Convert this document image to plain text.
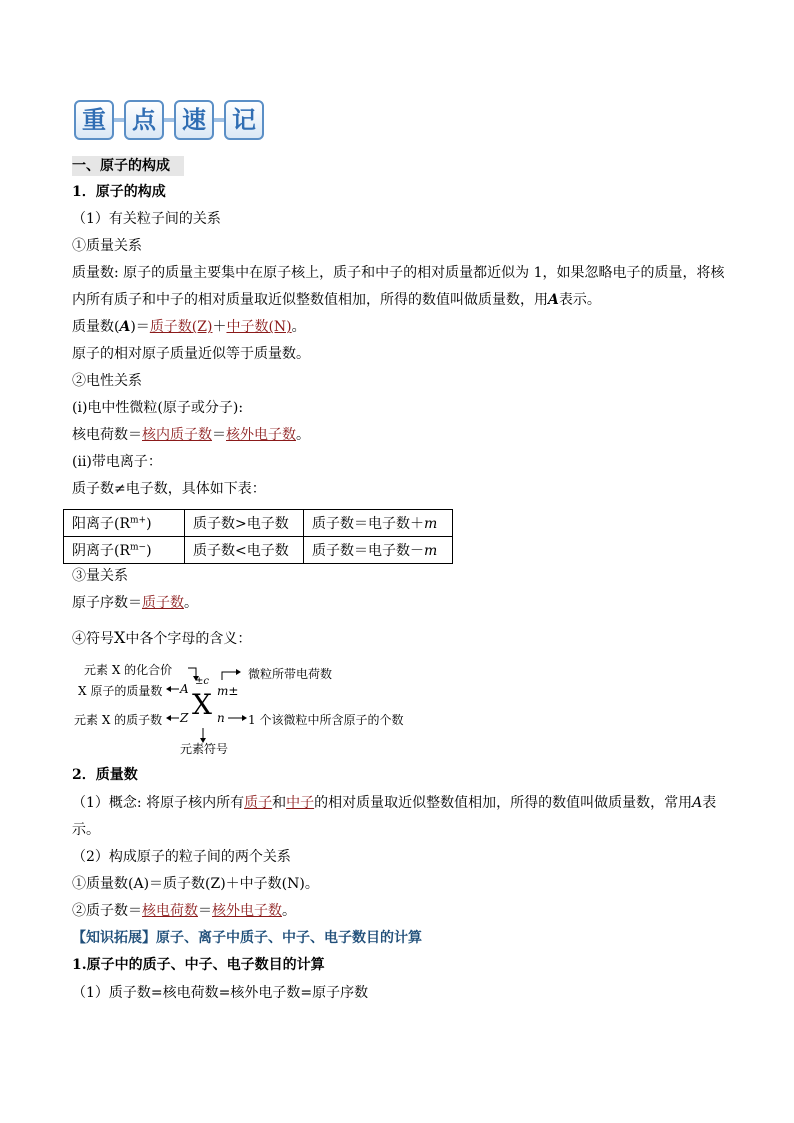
重	点	速	记
一、原子的构成
1．原子的构成
（1）有关粒子间的关系
①质量关系
质量数: 原子的质量主要集中在原子核上，质子和中子的相对质量都近似为 1，如果忽略电子的质量，将核
内所有质子和中子的相对质量取近似整数值相加，所得的数值叫做质量数，用A表示。
质量数(A)＝质子数(Z)＋中子数(N)。
原子的相对原子质量近似等于质量数。
②电性关系
(ⅰ)电中性微粒(原子或分子):
核电荷数＝核内质子数＝核外电子数。
(ⅱ)带电离子：
质子数≠电子数，具体如下表：
阳离子$(R^{m+})$	质子数>电子数	质子数＝电子数＋m
阴离子$(R^{m-})$	质子数<电子数	质子数＝电子数－m
③量关系
原子序数＝质子数。
④符号X中各个字母的含义：
元素 X 的化合价
X 原子的质量数
元素 X 的质子数
元素符号
微粒所带电荷数
1 个该微粒中所含原子的个数
A
Z
±c
X m±
n
2．质量数
（1）概念: 将原子核内所有质子和中子的相对质量取近似整数值相加，所得的数值叫做质量数，常用A表
示。
（2）构成原子的粒子间的两个关系
①质量数(A)＝质子数(Z)＋中子数(N)。
②质子数＝核电荷数＝核外电子数。
【知识拓展】原子、离子中质子、中子、电子数目的计算
1.原子中的质子、中子、电子数目的计算
（1）质子数=核电荷数=核外电子数=原子序数
